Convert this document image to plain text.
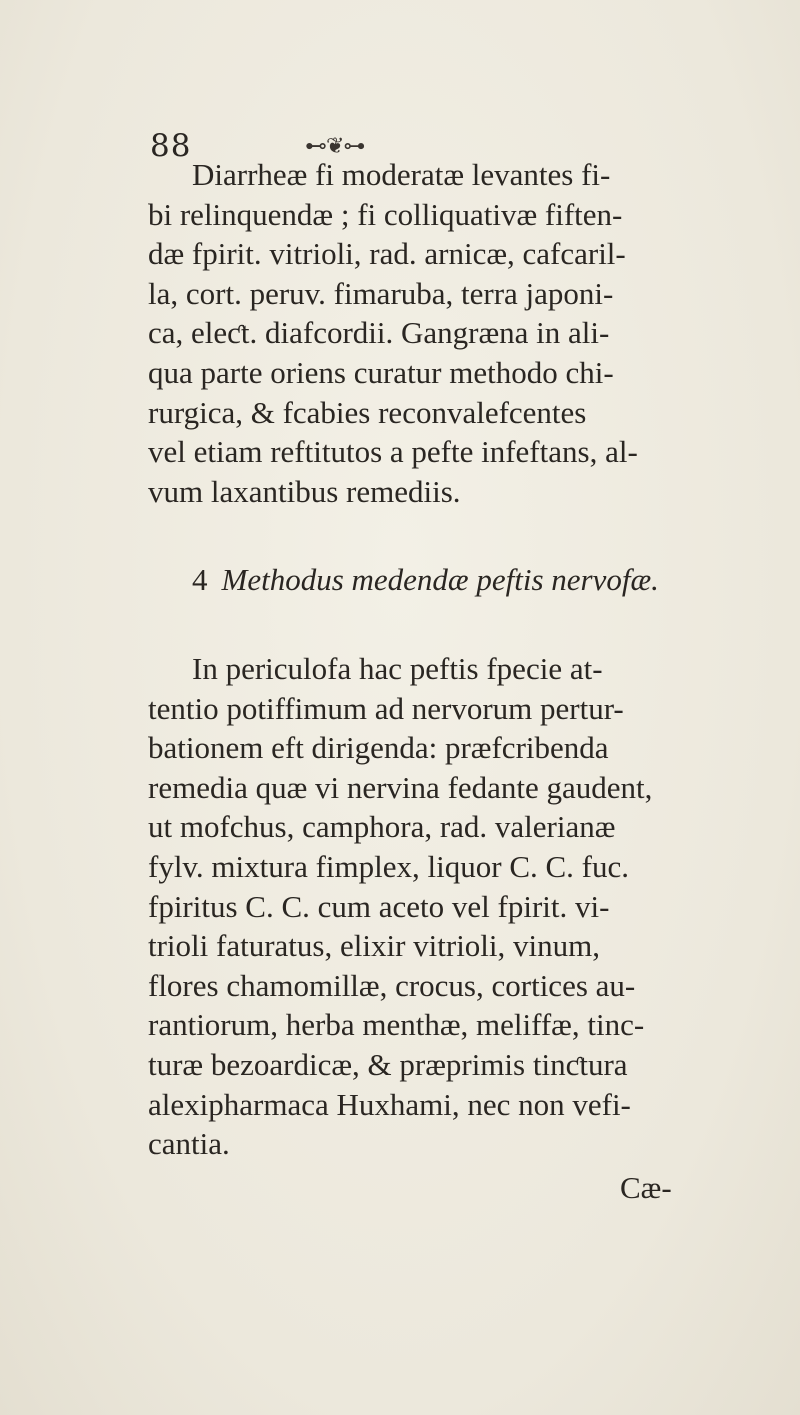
88	⊷❦⊶
Diarrheæ fi moderatæ levantes fi-
bi relinquendæ ; fi colliquativæ fiften-
dæ fpirit. vitrioli, rad. arnicæ, cafcaril-
la, cort. peruv. fimaruba, terra japoni-
ca, eleƈt. diafcordii. Gangræna in ali-
qua parte oriens curatur methodo chi-
rurgica, & fcabies reconvalefcentes
vel etiam reftitutos a pefte infeftans, al-
vum laxantibus remediis.
4 Methodus medendæ peftis nervofæ.
In periculofa hac peftis fpecie at-
tentio potiffimum ad nervorum pertur-
bationem eft dirigenda: præfcribenda
remedia quæ vi nervina fedante gaudent,
ut mofchus, camphora, rad. valerianæ
fylv. mixtura fimplex, liquor C. C. fuc.
fpiritus C. C. cum aceto vel fpirit. vi-
trioli faturatus, elixir vitrioli, vinum,
flores chamomillæ, crocus, cortices au-
rantiorum, herba menthæ, meliffæ, tinc-
turæ bezoardicæ, & præprimis tinƈtura
alexipharmaca Huxhami, nec non vefi-
cantia.
Cæ-
